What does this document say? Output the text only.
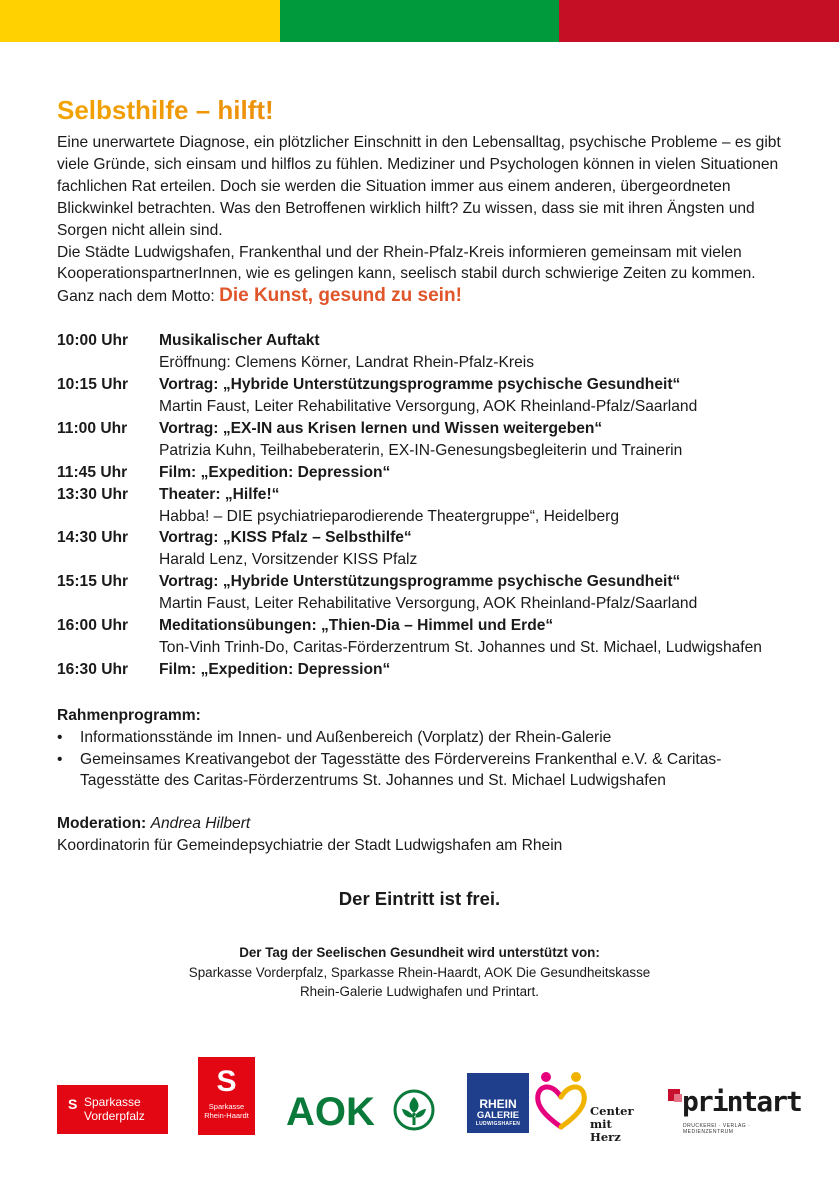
Selbsthilfe – hilft!

Eine unerwartete Diagnose, ein plötzlicher Einschnitt in den Lebensalltag, psychische Probleme – es gibt viele Gründe, sich einsam und hilflos zu fühlen. Mediziner und Psychologen können in vielen Situationen fachlichen Rat erteilen. Doch sie werden die Situation immer aus einem anderen, übergeordneten Blickwinkel betrachten. Was den Betroffenen wirklich hilft? Zu wissen, dass sie mit ihren Ängsten und Sorgen nicht allein sind.
Die Städte Ludwigshafen, Frankenthal und der Rhein-Pfalz-Kreis informieren gemeinsam mit vielen KooperationspartnerInnen, wie es gelingen kann, seelisch stabil durch schwierige Zeiten zu kommen. Ganz nach dem Motto: Die Kunst, gesund zu sein!

10:00 Uhr	Musikalischer Auftakt
Eröffnung: Clemens Körner, Landrat Rhein-Pfalz-Kreis
10:15 Uhr	Vortrag: „Hybride Unterstützungsprogramme psychische Gesundheit“
Martin Faust, Leiter Rehabilitative Versorgung, AOK Rheinland-Pfalz/Saarland
11:00 Uhr	Vortrag: „EX-IN aus Krisen lernen und Wissen weitergeben“
Patrizia Kuhn, Teilhabeberaterin, EX-IN-Genesungsbegleiterin und Trainerin
11:45 Uhr	Film: „Expedition: Depression“
13:30 Uhr	Theater: „Hilfe!“
Habba! – DIE psychiatrieparodierende Theatergruppe“, Heidelberg
14:30 Uhr	Vortrag: „KISS Pfalz – Selbsthilfe“
Harald Lenz, Vorsitzender KISS Pfalz
15:15 Uhr	Vortrag: „Hybride Unterstützungsprogramme psychische Gesundheit“
Martin Faust, Leiter Rehabilitative Versorgung, AOK Rheinland-Pfalz/Saarland
16:00 Uhr	Meditationsübungen: „Thien-Dia – Himmel und Erde“
Ton-Vinh Trinh-Do, Caritas-Förderzentrum St. Johannes und St. Michael, Ludwigshafen
16:30 Uhr	Film: „Expedition: Depression“
Rahmenprogramm:
•	Informationsstände im Innen- und Außenbereich (Vorplatz) der Rhein-Galerie
•	Gemeinsames Kreativangebot der Tagesstätte des Fördervereins Frankenthal e.V. & Caritas-Tagesstätte des Caritas-Förderzentrums St. Johannes und St. Michael Ludwigshafen
Moderation: Andrea Hilbert
Koordinatorin für Gemeindepsychiatrie der Stadt Ludwigshafen am Rhein
Der Eintritt ist frei.
Der Tag der Seelischen Gesundheit wird unterstützt von:
Sparkasse Vorderpfalz, Sparkasse Rhein-Haardt, AOK Die Gesundheitskasse
Rhein-Galerie Ludwighafen und Printart.
Ѕ Sparkasse
Vorderpfalz
Ѕ
Sparkasse
Rhein-Haardt AOK	RHEIN
GALERIE
LUDWIGSHAFEN
Center
mit Herz
printart
DRUCKEREI · VERLAG · MEDIENZENTRUM
